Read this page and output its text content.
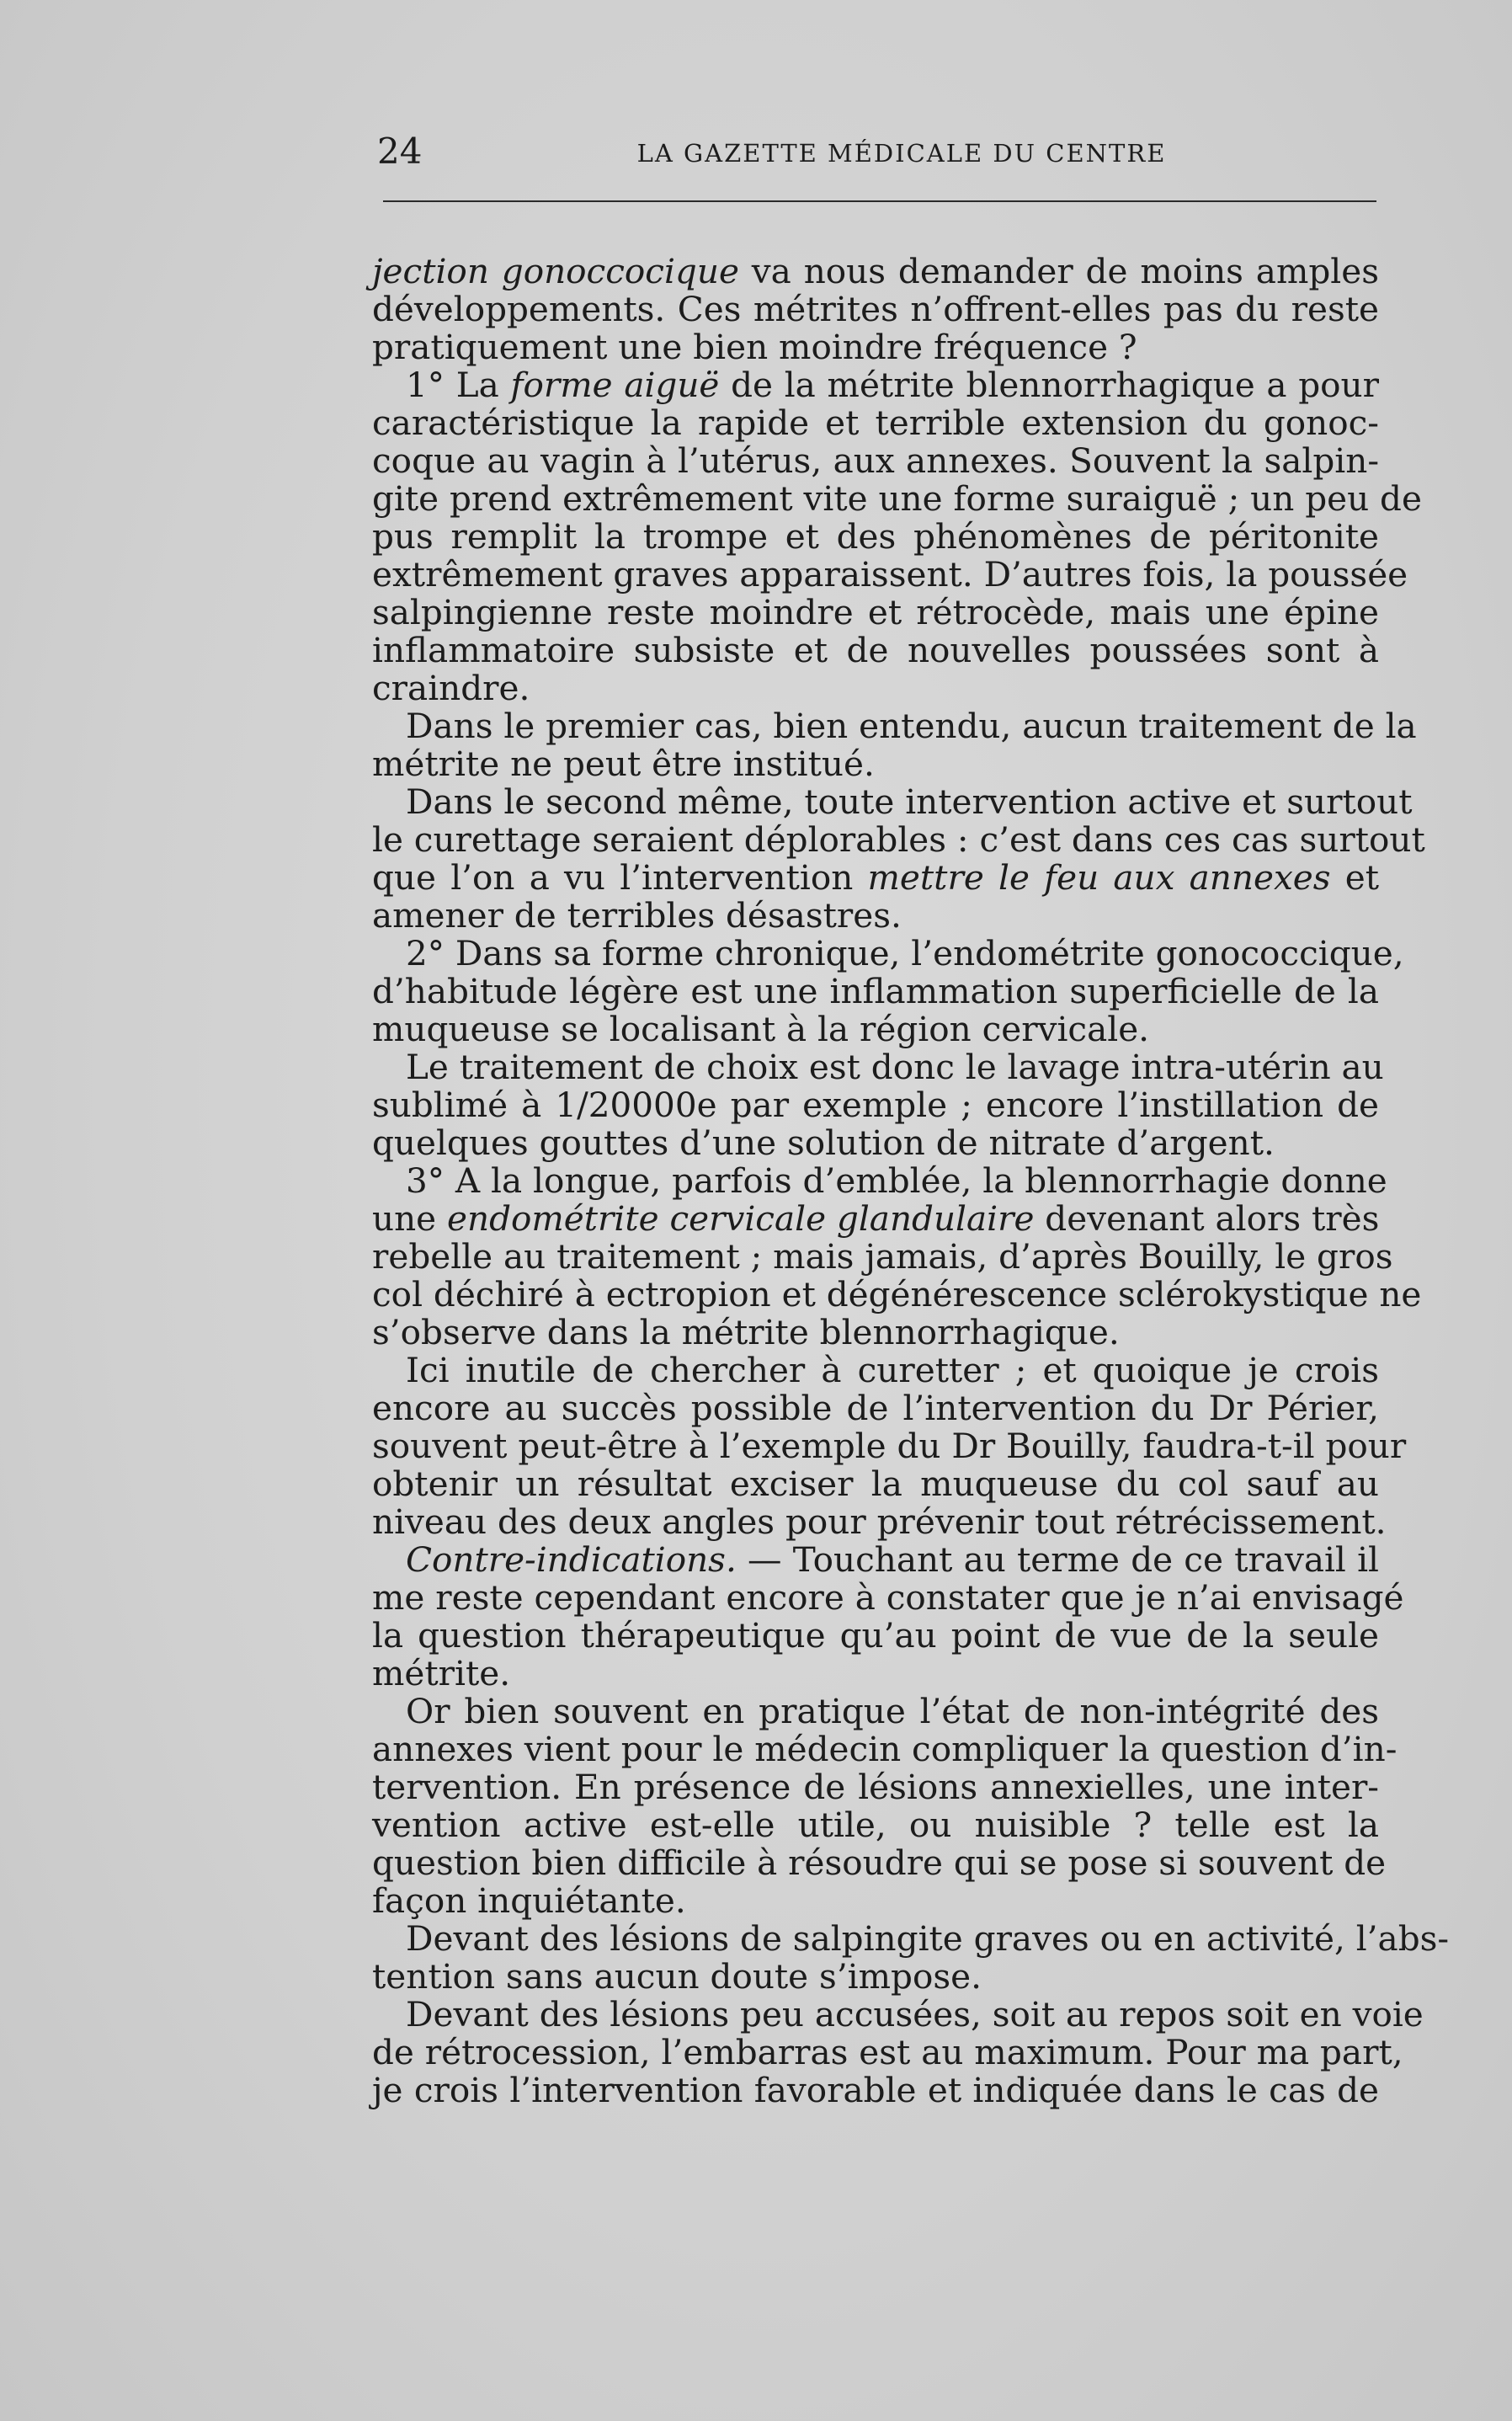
24	LA GAZETTE MÉDICALE DU CENTRE
jection gonoccocique va nous demander de moins amples
développements. Ces métrites n’offrent-elles pas du reste
pratiquement une bien moindre fréquence ?
1° La forme aiguë de la métrite blennorrhagique a pour
caractéristique la rapide et terrible extension du gonoc-
coque au vagin à l’utérus, aux annexes. Souvent la salpin-
gite prend extrêmement vite une forme suraiguë ; un peu de
pus remplit la trompe et des phénomènes de péritonite
extrêmement graves apparaissent. D’autres fois, la poussée
salpingienne reste moindre et rétrocède, mais une épine
inflammatoire subsiste et de nouvelles poussées sont à
craindre.
Dans le premier cas, bien entendu, aucun traitement de la
métrite ne peut être institué.
Dans le second même, toute intervention active et surtout
le curettage seraient déplorables : c’est dans ces cas surtout
que l’on a vu l’intervention mettre le feu aux annexes et
amener de terribles désastres.
2° Dans sa forme chronique, l’endométrite gonococcique,
d’habitude légère est une inflammation superficielle de la
muqueuse se localisant à la région cervicale.
Le traitement de choix est donc le lavage intra-utérin au
sublimé à 1/20000e par exemple ; encore l’instillation de
quelques gouttes d’une solution de nitrate d’argent.
3° A la longue, parfois d’emblée, la blennorrhagie donne
une endométrite cervicale glandulaire devenant alors très
rebelle au traitement ; mais jamais, d’après Bouilly, le gros
col déchiré à ectropion et dégénérescence sclérokystique ne
s’observe dans la métrite blennorrhagique.
Ici inutile de chercher à curetter ; et quoique je crois
encore au succès possible de l’intervention du Dr Périer,
souvent peut-être à l’exemple du Dr Bouilly, faudra-t-il pour
obtenir un résultat exciser la muqueuse du col sauf au
niveau des deux angles pour prévenir tout rétrécissement.
Contre-indications. — Touchant au terme de ce travail il
me reste cependant encore à constater que je n’ai envisagé
la question thérapeutique qu’au point de vue de la seule
métrite.
Or bien souvent en pratique l’état de non-intégrité des
annexes vient pour le médecin compliquer la question d’in-
tervention. En présence de lésions annexielles, une inter-
vention active est-elle utile, ou nuisible ? telle est la
question bien difficile à résoudre qui se pose si souvent de
façon inquiétante.
Devant des lésions de salpingite graves ou en activité, l’abs-
tention sans aucun doute s’impose.
Devant des lésions peu accusées, soit au repos soit en voie
de rétrocession, l’embarras est au maximum. Pour ma part,
je crois l’intervention favorable et indiquée dans le cas de
